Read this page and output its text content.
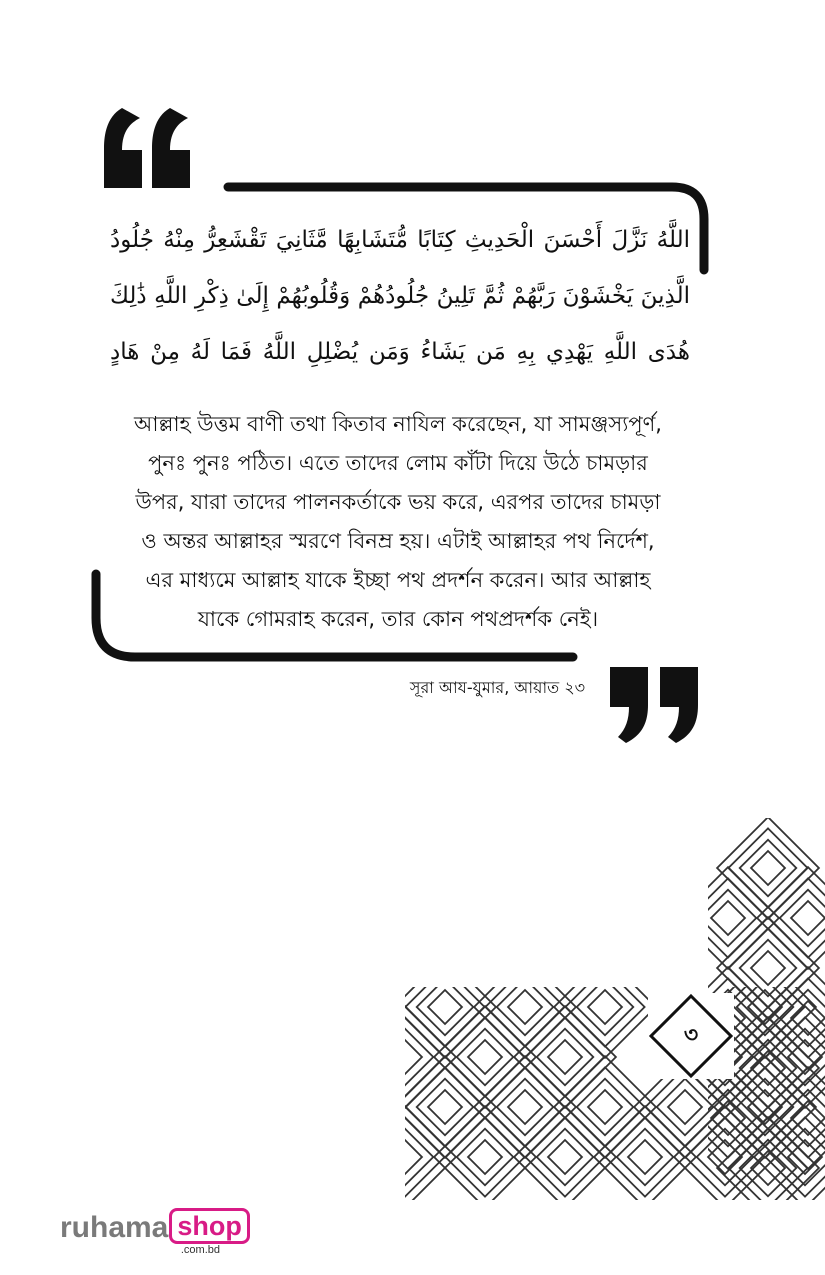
اللَّهُ نَزَّلَ أَحْسَنَ الْحَدِيثِ كِتَابًا مُّتَشَابِهًا مَّثَانِيَ تَقْشَعِرُّ مِنْهُ جُلُودُ
الَّذِينَ يَخْشَوْنَ رَبَّهُمْ ثُمَّ تَلِينُ جُلُودُهُمْ وَقُلُوبُهُمْ إِلَىٰ ذِكْرِ اللَّهِ ذَٰلِكَ
هُدَى اللَّهِ يَهْدِي بِهِ مَن يَشَاءُ وَمَن يُضْلِلِ اللَّهُ فَمَا لَهُ مِنْ هَادٍ
আল্লাহ উত্তম বাণী তথা কিতাব নাযিল করেছেন, যা সামঞ্জস্যপূর্ণ,
পুনঃ পুনঃ পঠিত। এতে তাদের লোম কাঁটা দিয়ে উঠে চামড়ার
উপর, যারা তাদের পালনকর্তাকে ভয় করে, এরপর তাদের চামড়া
ও অন্তর আল্লাহর স্মরণে বিনম্র হয়। এটাই আল্লাহর পথ নির্দেশ,
এর মাধ্যমে আল্লাহ যাকে ইচ্ছা পথ প্রদর্শন করেন। আর আল্লাহ
যাকে গোমরাহ করেন, তার কোন পথপ্রদর্শক নেই।
সূরা আয-যুমার, আয়াত ২৩
৩
ruhama shop
.com.bd
